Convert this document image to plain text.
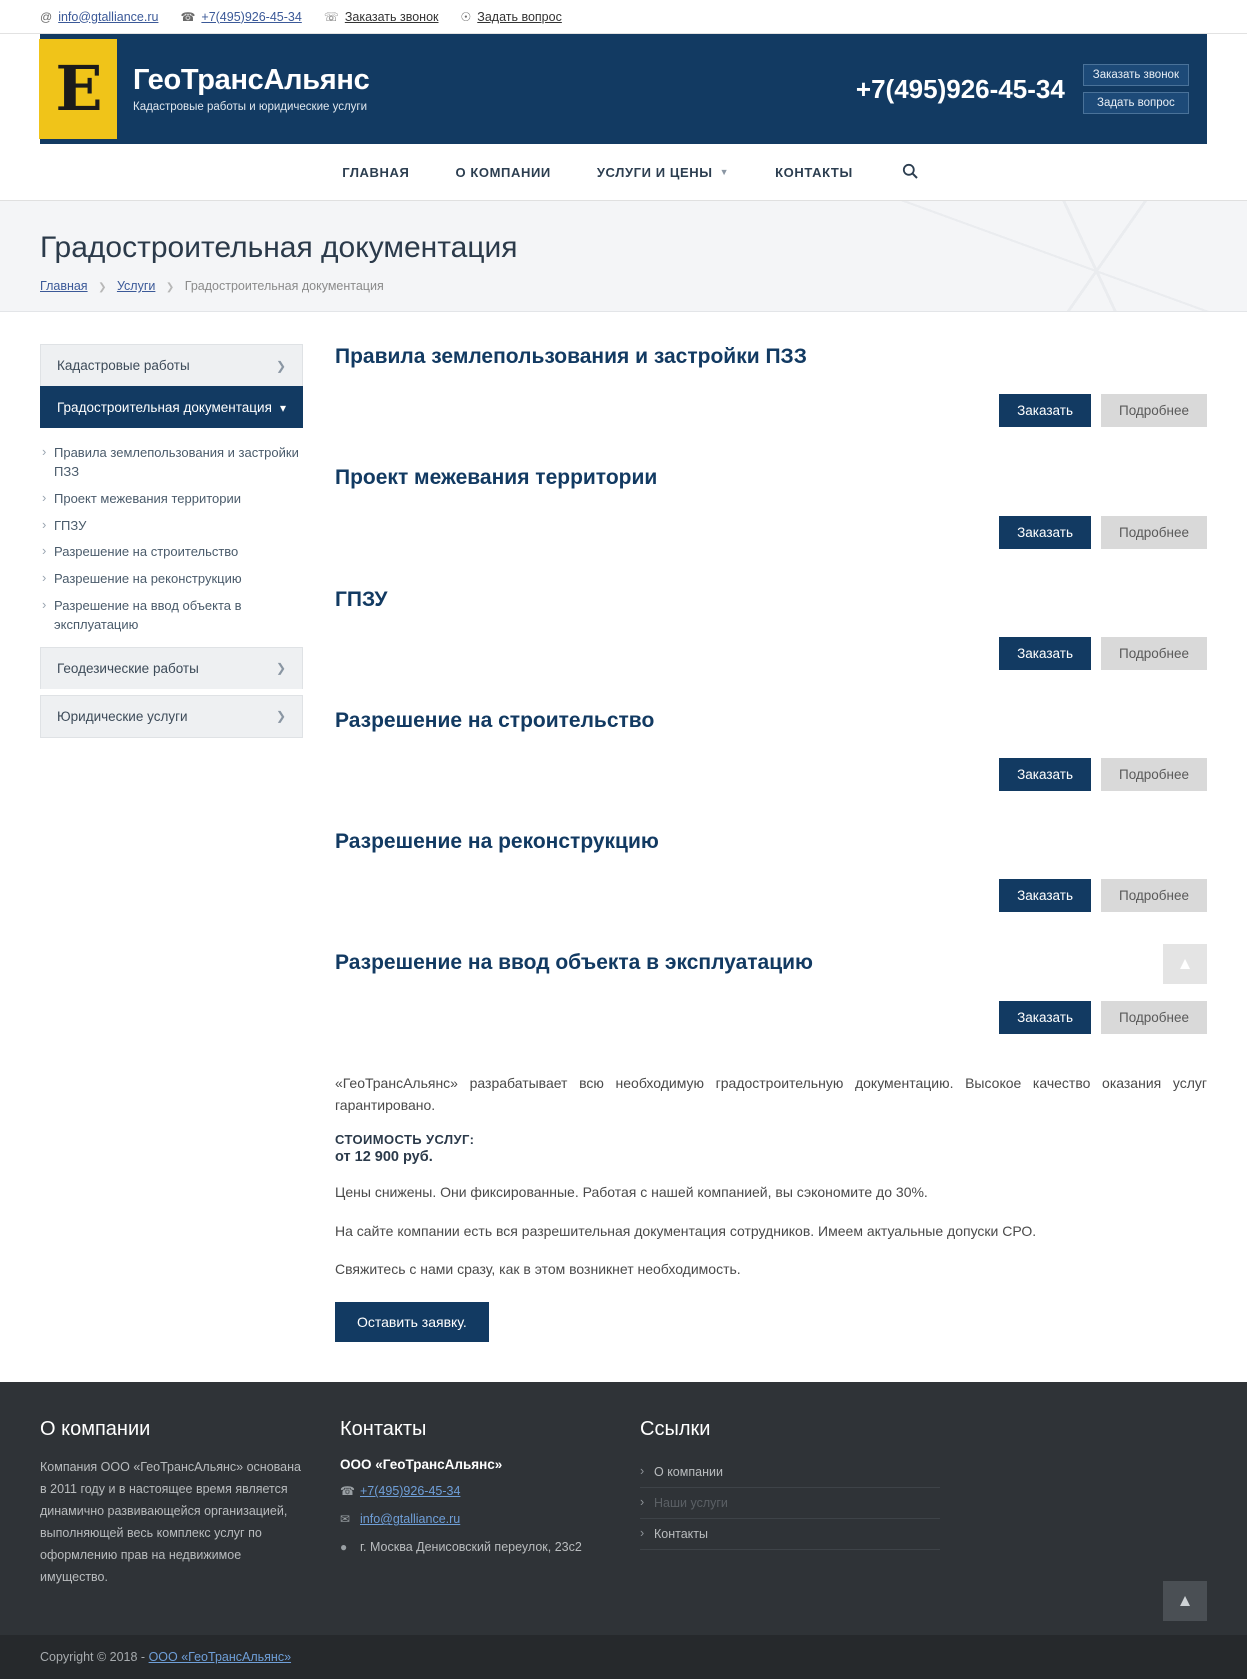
@ info@gtalliance.ru ☎ +7(495)926-45-34 ☏ Заказать звонок ☉ Задать вопрос
Е ГеоТрансАльянс
Кадастровые работы и юридические услуги
+7(495)926-45-34	Заказать звонок
Задать вопрос
ГЛАВНАЯ	О КОМПАНИИ	УСЛУГИ И ЦЕНЫ ▼	КОНТАКТЫ
Градостроительная документация
Главная ❯ Услуги ❯ Градостроительная документация
Кадастровые работы	❯
Градостроительная документация ▾
› Правила землепользования и застройки ПЗЗ
› Проект межевания территории
› ГПЗУ
› Разрешение на строительство
› Разрешение на реконструкцию
› Разрешение на ввод объекта в эксплуатацию
Геодезические работы	❯
Юридические услуги	❯
Правила землепользования и застройки ПЗЗ
Заказать	Подробнее
Проект межевания территории
Заказать	Подробнее
ГПЗУ
Заказать	Подробнее
Разрешение на строительство
Заказать	Подробнее
Разрешение на реконструкцию
Заказать	Подробнее
Разрешение на ввод объекта в эксплуатацию
Заказать	Подробнее
▲

«ГеоТрансАльянс» разрабатывает всю необходимую градостроительную документацию. Высокое качество оказания услуг гарантировано.

СТОИМОСТЬ УСЛУГ:
от 12 900 руб.

Цены снижены. Они фиксированные. Работая с нашей компанией, вы сэкономите до 30%.

На сайте компании есть вся разрешительная документация сотрудников. Имеем актуальные допуски СРО.

Свяжитесь с нами сразу, как в этом возникнет необходимость.

Оставить заявку.
О компании
Компания ООО «ГеоТрансАльянс» основана в 2011 году и в настоящее время является динамично развивающейся организацией, выполняющей весь комплекс услуг по оформлению прав на недвижимое имущество.
Контакты
ООО «ГеоТрансАльянс»
☎ +7(495)926-45-34
✉ info@gtalliance.ru
●	г. Москва Денисовский переулок, 23с2
Ссылки
› О компании
› Наши услуги
› Контакты
▲
Copyright © 2018 - ООО «ГеоТрансАльянс»
